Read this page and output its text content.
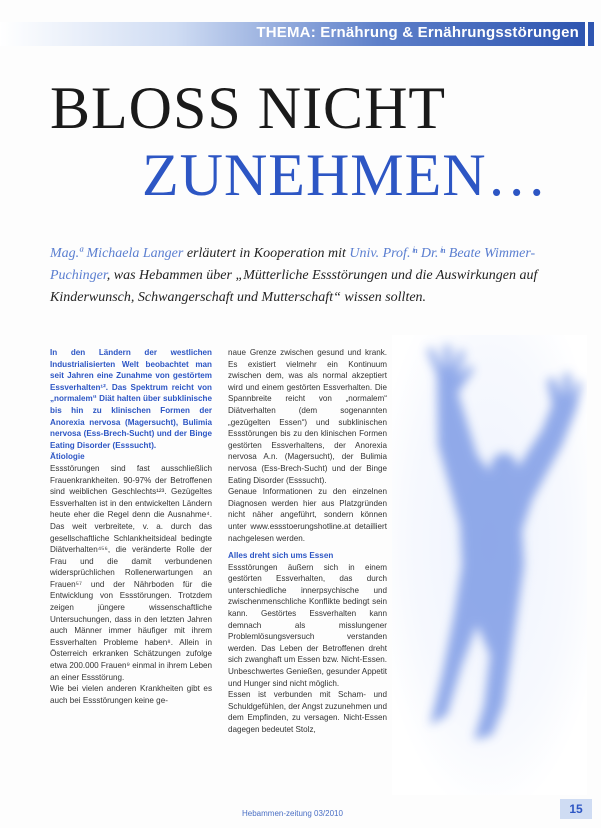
THEMA: Ernährung & Ernährungsstörungen
BLOSS NICHT
ZUNEHMEN…
Mag.ª Michaela Langer erläutert in Kooperation mit Univ. Prof.ⁱⁿ Dr.ⁱⁿ Beate Wimmer-Puchinger, was Hebammen über „Mütterliche Essstörungen und die Auswirkungen auf Kinderwunsch, Schwangerschaft und Mutterschaft“ wissen sollten.

In den Ländern der westlichen Industrialisierten Welt beobachtet man seit Jahren eine Zunahme von gestörtem Essverhalten¹². Das Spektrum reicht von „normalem“ Diät halten über subklinische bis hin zu klinischen Formen der Anorexia nervosa (Magersucht), Bulimia nervosa (Ess-Brech-Sucht) und der Binge Eating Disorder (Esssucht).

Ätiologie

Essstörungen sind fast ausschließlich Frauenkrankheiten. 90-97% der Betroffenen sind weiblichen Geschlechts¹²³. Gezügeltes Essverhalten ist in den entwickelten Ländern heute eher die Regel denn die Ausnahme⁴. Das weit verbreitete, v. a. durch das gesellschaftliche Schlankheitsideal bedingte Diätverhalten⁴⁵⁶, die veränderte Rolle der Frau und die damit verbundenen widersprüchlichen Rollenerwartungen an Frauen⁵⁷ und der Nährboden für die Entwicklung von Essstörungen. Trotzdem zeigen jüngere wissenschaftliche Untersuchungen, dass in den letzten Jahren auch Männer immer häufiger mit ihrem Essverhalten Probleme haben⁸. Allein in Österreich erkranken Schätzungen zufolge etwa 200.000 Frauen⁹ einmal in ihrem Leben an einer Essstörung.

Wie bei vielen anderen Krankheiten gibt es auch bei Essstörungen keine ge-

naue Grenze zwischen gesund und krank. Es existiert vielmehr ein Kontinuum zwischen dem, was als normal akzeptiert wird und einem gestörten Essverhalten. Die Spannbreite reicht von „normalem“ Diätverhalten (dem sogenannten „gezügelten Essen“) und subklinischen Essstörungen bis zu den klinischen Formen gestörten Essverhaltens, der Anorexia nervosa A.n. (Magersucht), der Bulimia nervosa (Ess-Brech-Sucht) und der Binge Eating Disorder (Esssucht).

Genaue Informationen zu den einzelnen Diagnosen werden hier aus Platzgründen nicht näher angeführt, sondern können unter www.essstoerungshotline.at detailliert nachgelesen werden.

Alles dreht sich ums Essen

Essstörungen äußern sich in einem gestörten Essverhalten, das durch unterschiedliche innerpsychische und zwischenmenschliche Konflikte bedingt sein kann. Gestörtes Essverhalten kann demnach als misslungener Problemlösungsversuch verstanden werden. Das Leben der Betroffenen dreht sich zwanghaft um Essen bzw. Nicht-Essen. Unbeschwertes Genießen, gesunder Appetit und Hunger sind nicht möglich.

Essen ist verbunden mit Scham- und Schuldgefühlen, der Angst zuzunehmen und dem Empfinden, zu versagen. Nicht-Essen dagegen bedeutet Stolz,

Hebammen-zeitung 03/2010	15
